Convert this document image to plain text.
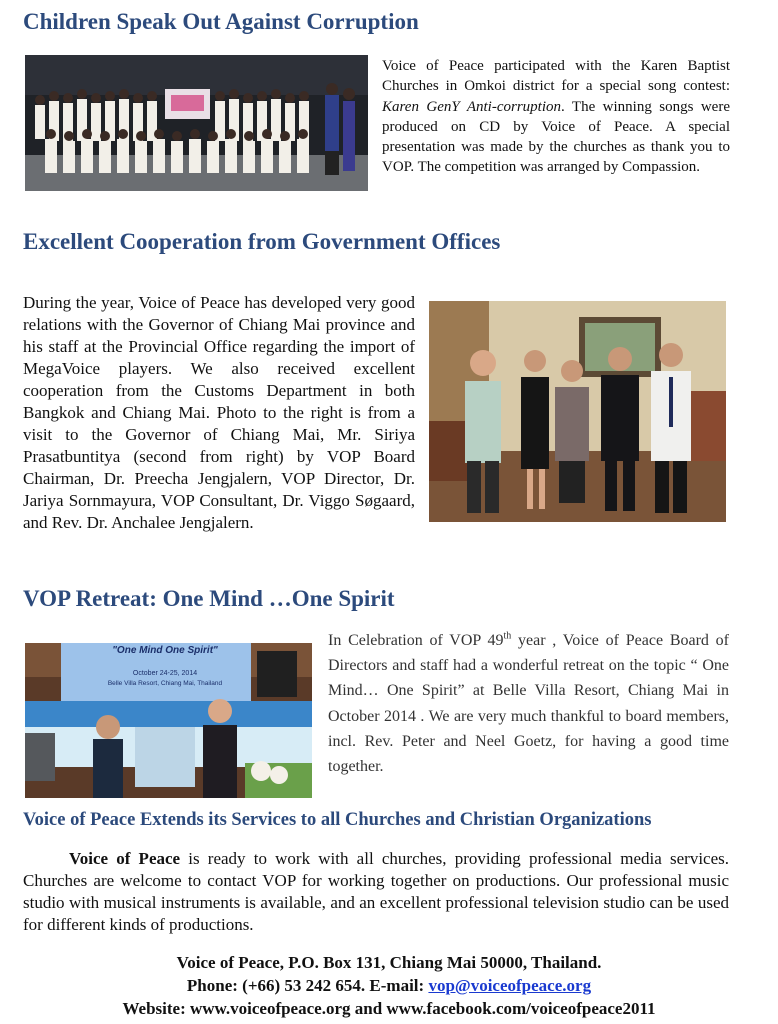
Children Speak Out Against Corruption

Voice of Peace participated with the Karen Baptist Churches in Omkoi district for a special song contest: Karen GenY Anti-corruption. The winning songs were produced on CD by Voice of Peace. A special presentation was made by the churches as thank you to VOP. The competition was arranged by Compassion.

Excellent Cooperation from Government Offices

During the year, Voice of Peace has developed very good relations with the Governor of Chiang Mai province and his staff at the Provincial Office regarding the import of MegaVoice players. We also received excellent cooperation from the Customs Department in both Bangkok and Chiang Mai. Photo to the right is from a visit to the Governor of Chiang Mai, Mr. Siriya Prasatbuntitya (second from right) by VOP Board Chairman, Dr. Preecha Jengjalern, VOP Director, Dr. Jariya Sornmayura, VOP Consultant, Dr. Viggo Søgaard, and Rev. Dr. Anchalee Jengjalern.

VOP Retreat: One Mind …One Spirit
"One Mind One Spirit"
October 24-25, 2014
Belle Villa Resort, Chiang Mai, Thailand

In Celebration of VOP 49th year , Voice of Peace Board of Directors and staff had a wonderful retreat on the topic “ One Mind… One Spirit” at Belle Villa Resort, Chiang Mai in October 2014 . We are very much thankful to board members, incl. Rev. Peter and Neel Goetz, for having a good time together.

Voice of Peace Extends its Services to all Churches and Christian Organizations

Voice of Peace is ready to work with all churches, providing professional media services. Churches are welcome to contact VOP for working together on productions. Our professional music studio with musical instruments is available, and an excellent professional television studio can be used for different kinds of productions.

Voice of Peace, P.O. Box 131, Chiang Mai 50000, Thailand.
Phone: (+66) 53 242 654. E-mail: vop@voiceofpeace.org
Website: www.voiceofpeace.org and www.facebook.com/voiceofpeace2011
